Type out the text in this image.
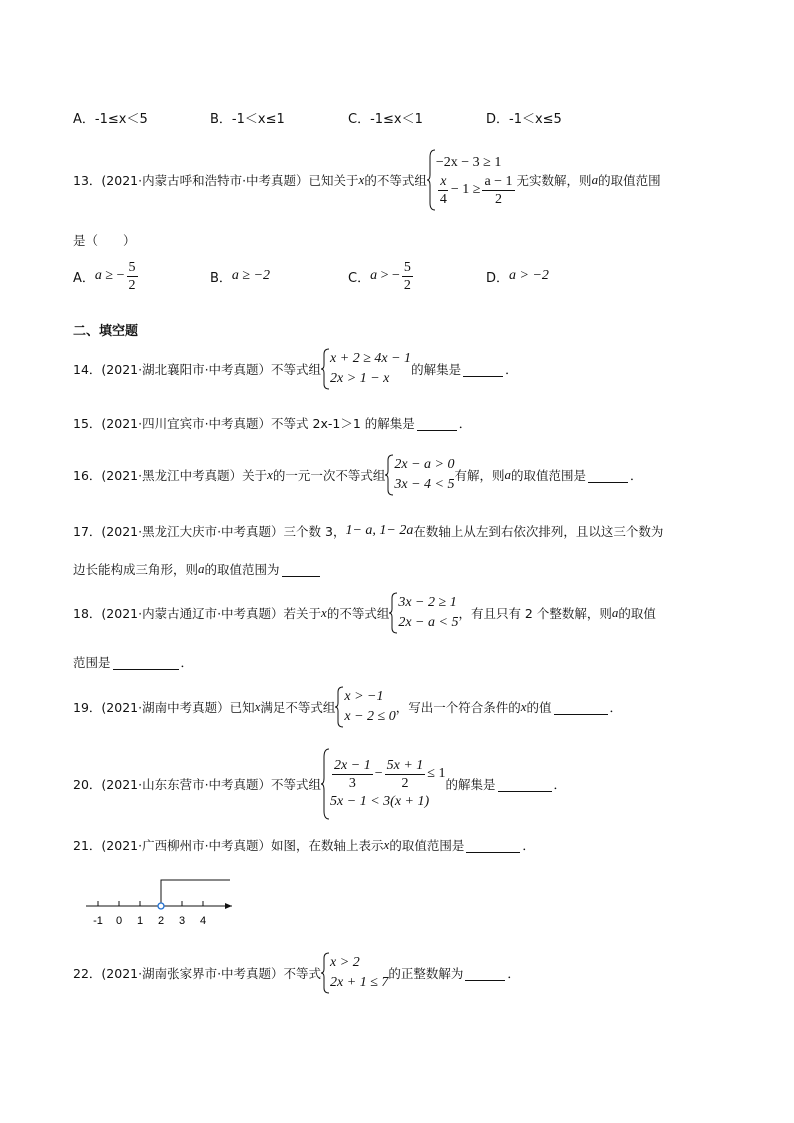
A．-1≤x＜5	B．-1＜x≤1	C．-1≤x＜1	D．-1＜x≤5
13．(2021·内蒙古呼和浩特市·中考真题）已知关于 x 的不等式组
−2x − 3 ≥ 1
$\frac{x}{4} - 1 \ge \frac{a - 1}{2}$ 无实数解，则 a 的取值范围
是（　　）
A． a ≥ − $\frac{5}{2}$	B． a ≥ −2	C． a > − $\frac{5}{2}$	D． a > −2
二、填空题
14．(2021·湖北襄阳市·中考真题）不等式组
x + 2 ≥ 4x − 1
2x > 1 − x
的解集是	．
15．(2021·四川宜宾市·中考真题）不等式 2x-1＞1 的解集是	．
16．(2021·黑龙江中考真题）关于 x 的一元一次不等式组
2x − a > 0
3x − 4 < 5
有解，则 a 的取值范围是	．
17．(2021·黑龙江大庆市·中考真题）三个数 3， 1− a, 1− 2a 在数轴上从左到右依次排列，且以这三个数为
边长能构成三角形，则 a 的取值范围为
18．(2021·内蒙古通辽市·中考真题）若关于 x 的不等式组
3x − 2 ≥ 1
2x − a < 5
，有且只有 2 个整数解，则 a 的取值
范围是	．
19．(2021·湖南中考真题）已知 x 满足不等式组
x > −1
x − 2 ≤ 0
，写出一个符合条件的 x 的值	．
20．(2021·山东东营市·中考真题）不等式组 $\frac{2x - 1}{3} - \frac{5x + 1}{2} \le 1$
5x − 1 < 3(x + 1)
的解集是	．
21．(2021·广西柳州市·中考真题）如图，在数轴上表示 x 的取值范围是	．
-1 0 1 2 3 4
22．(2021·湖南张家界市·中考真题）不等式
x > 2
2x + 1 ≤ 7
的正整数解为	．
